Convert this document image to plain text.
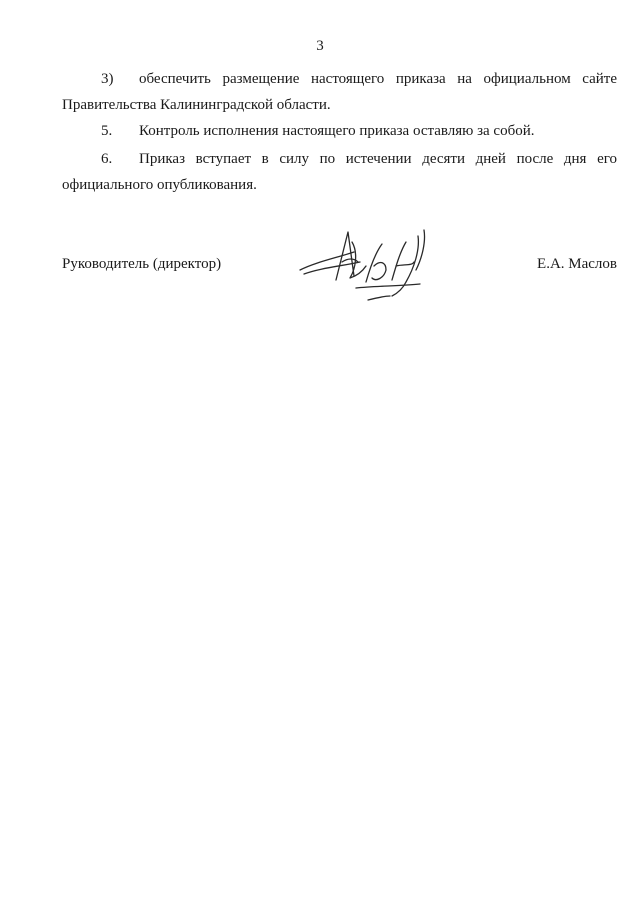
3
3)	обеспечить размещение настоящего приказа на официальном сайте
Правительства Калининградской области.
5.	Контроль исполнения настоящего приказа оставляю за собой.
6.	Приказ вступает в силу по истечении десяти дней после дня его
официального опубликования.
Руководитель (директор)	Е.А. Маслов
